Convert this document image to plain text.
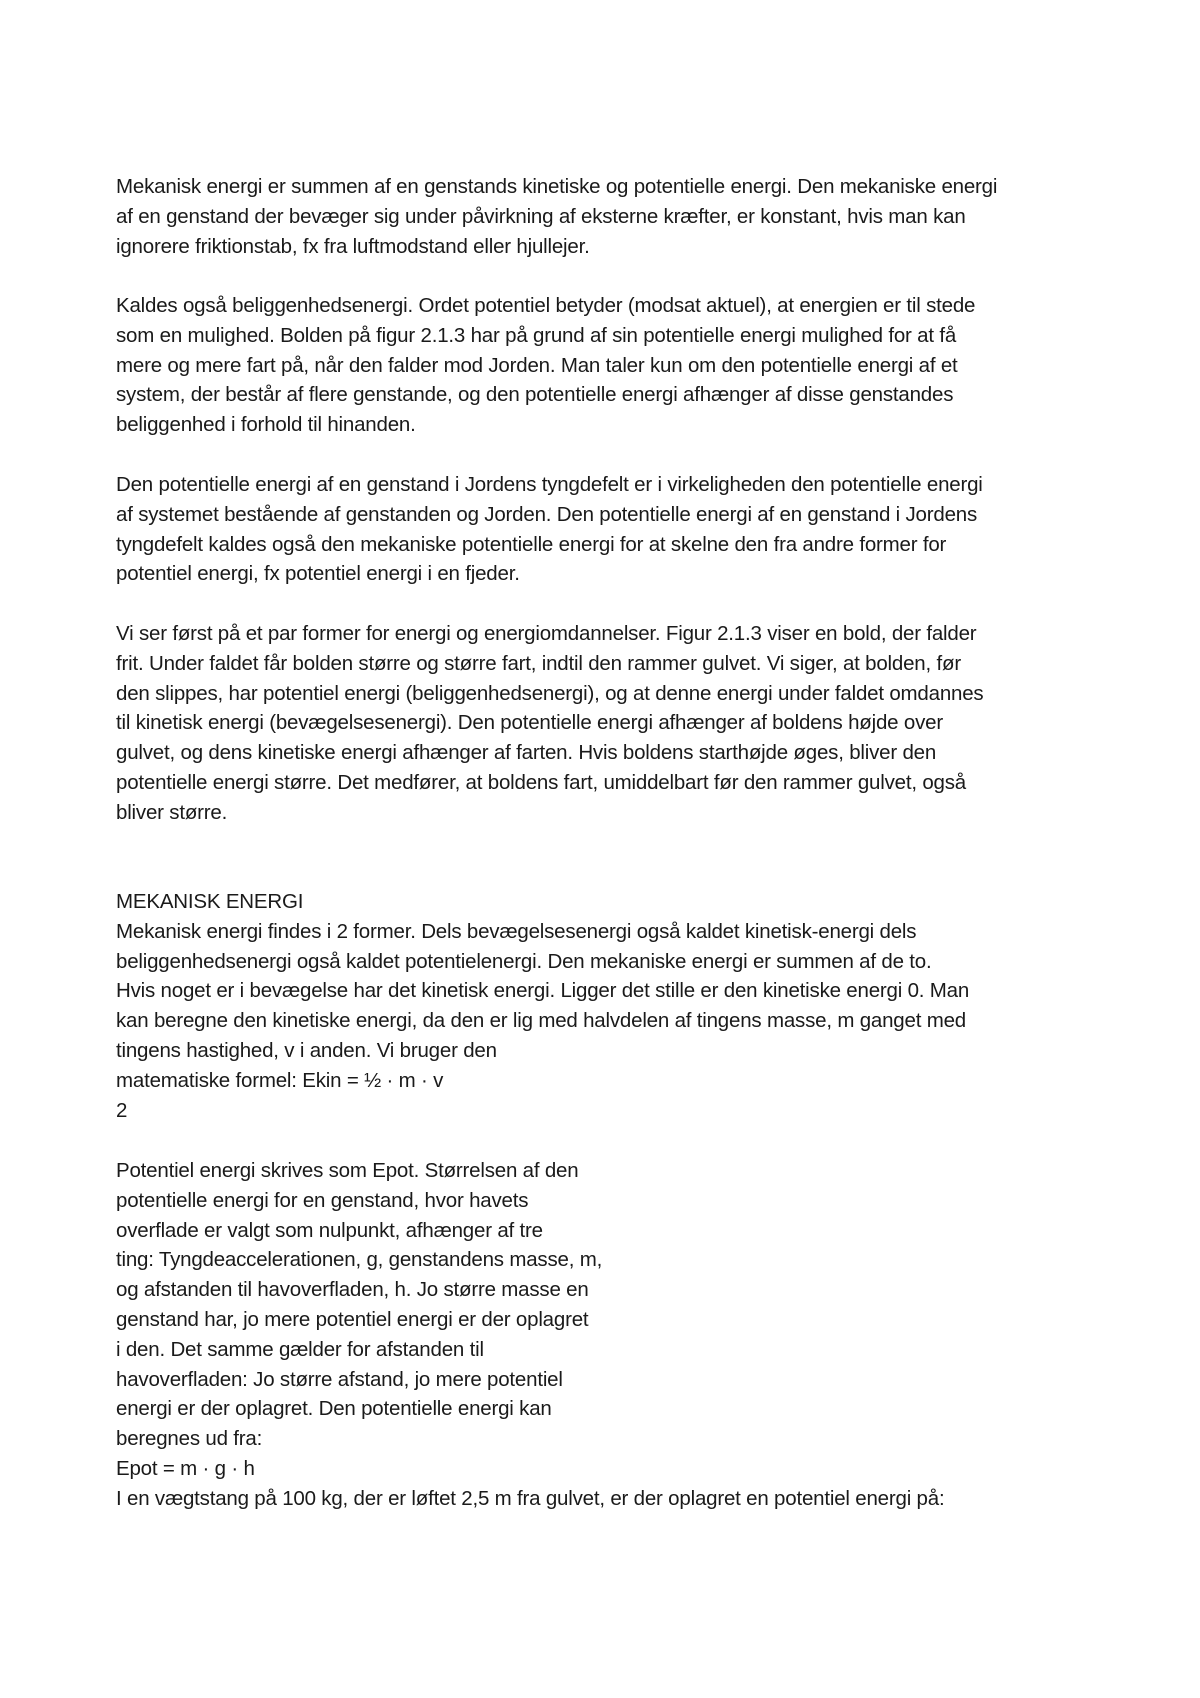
Mekanisk energi er summen af en genstands kinetiske og potentielle energi. Den mekaniske energi
af en genstand der bevæger sig under påvirkning af eksterne kræfter, er konstant, hvis man kan
ignorere friktionstab, fx fra luftmodstand eller hjullejer.
Kaldes også beliggenhedsenergi. Ordet potentiel betyder (modsat aktuel), at energien er til stede
som en mulighed. Bolden på figur 2.1.3 har på grund af sin potentielle energi mulighed for at få
mere og mere fart på, når den falder mod Jorden. Man taler kun om den potentielle energi af et
system, der består af flere genstande, og den potentielle energi afhænger af disse genstandes
beliggenhed i forhold til hinanden.
Den potentielle energi af en genstand i Jordens tyngdefelt er i virkeligheden den potentielle energi
af systemet bestående af genstanden og Jorden. Den potentielle energi af en genstand i Jordens
tyngdefelt kaldes også den mekaniske potentielle energi for at skelne den fra andre former for
potentiel energi, fx potentiel energi i en fjeder.
Vi ser først på et par former for energi og energiomdannelser. Figur 2.1.3 viser en bold, der falder
frit. Under faldet får bolden større og større fart, indtil den rammer gulvet. Vi siger, at bolden, før
den slippes, har potentiel energi (beliggenhedsenergi), og at denne energi under faldet omdannes
til kinetisk energi (bevægelsesenergi). Den potentielle energi afhænger af boldens højde over
gulvet, og dens kinetiske energi afhænger af farten. Hvis boldens starthøjde øges, bliver den
potentielle energi større. Det medfører, at boldens fart, umiddelbart før den rammer gulvet, også
bliver større.
MEKANISK ENERGI
Mekanisk energi findes i 2 former. Dels bevægelsesenergi også kaldet kinetisk-energi dels
beliggenhedsenergi også kaldet potentielenergi. Den mekaniske energi er summen af de to.
Hvis noget er i bevægelse har det kinetisk energi. Ligger det stille er den kinetiske energi 0. Man
kan beregne den kinetiske energi, da den er lig med halvdelen af tingens masse, m ganget med
tingens hastighed, v i anden. Vi bruger den
matematiske formel: Ekin = ½ · m · v
2
Potentiel energi skrives som Epot. Størrelsen af den
potentielle energi for en genstand, hvor havets
overflade er valgt som nulpunkt, afhænger af tre
ting: Tyngdeaccelerationen, g, genstandens masse, m,
og afstanden til havoverfladen, h. Jo større masse en
genstand har, jo mere potentiel energi er der oplagret
i den. Det samme gælder for afstanden til
havoverfladen: Jo større afstand, jo mere potentiel
energi er der oplagret. Den potentielle energi kan
beregnes ud fra:
Epot = m · g · h
I en vægtstang på 100 kg, der er løftet 2,5 m fra gulvet, er der oplagret en potentiel energi på:
